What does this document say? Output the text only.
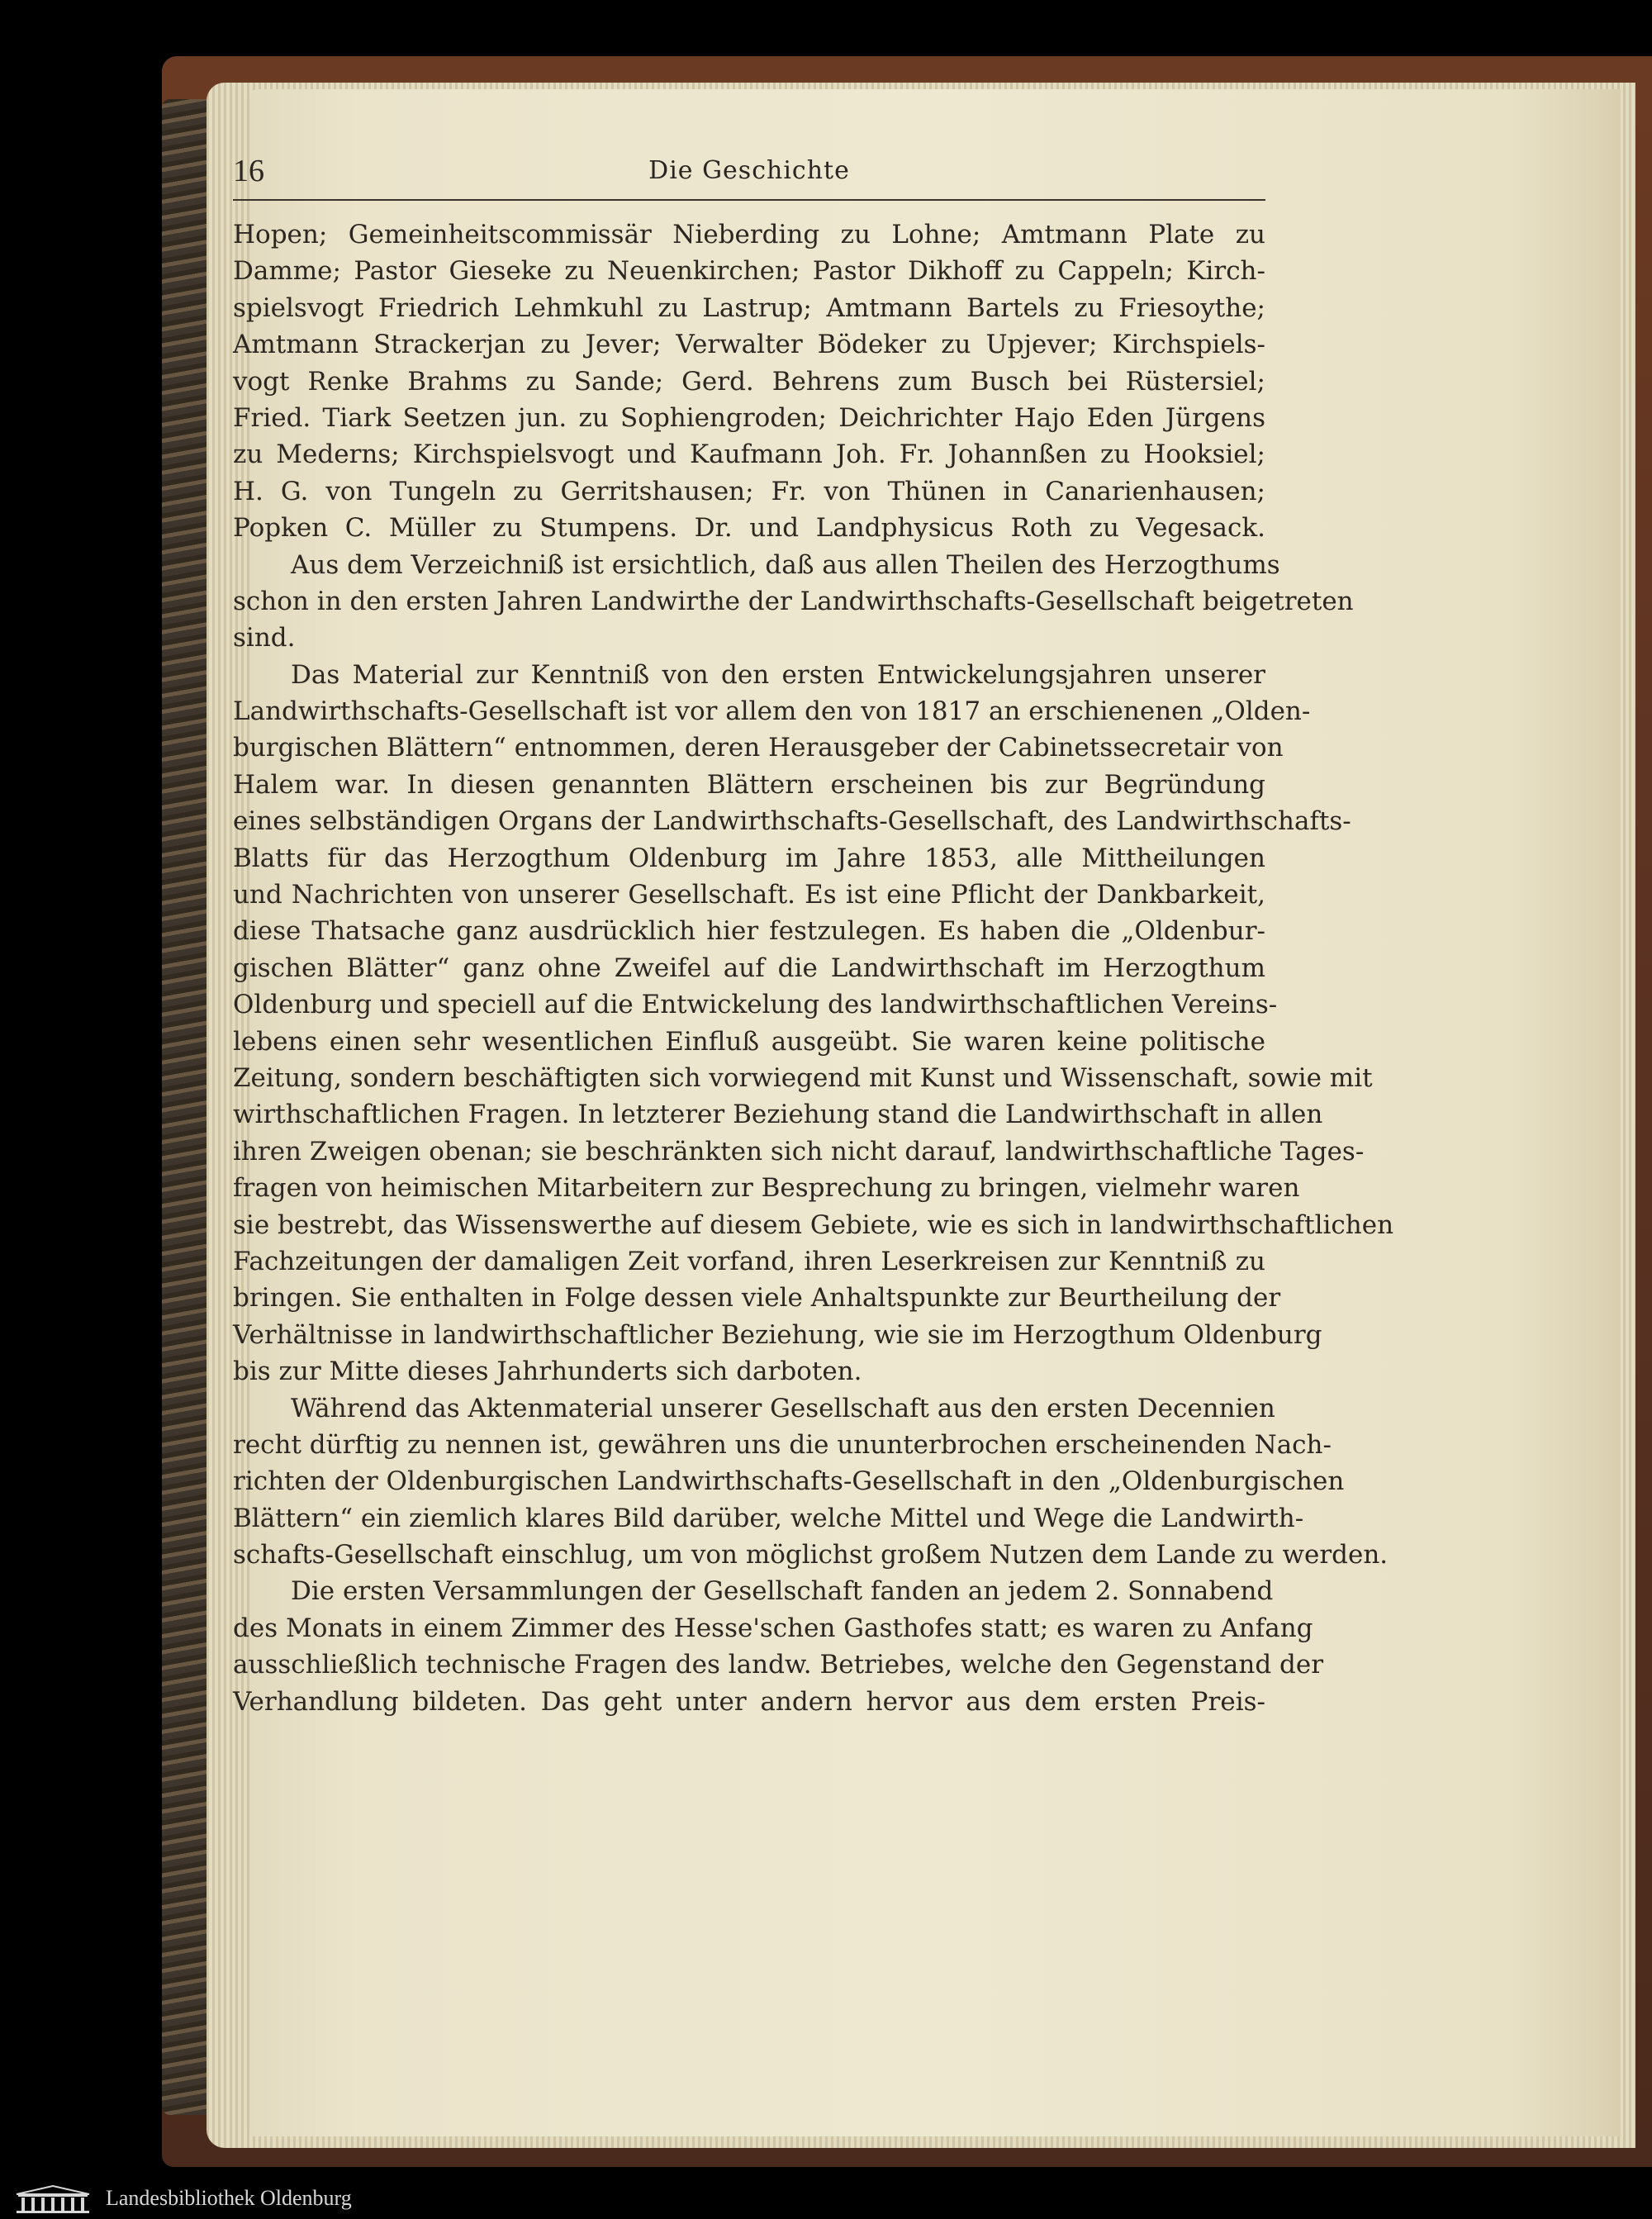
16	Die Geschichte
Hopen; Gemeinheitscommissär Nieberding zu Lohne; Amtmann Plate zu
Damme; Pastor Gieseke zu Neuenkirchen; Pastor Dikhoff zu Cappeln; Kirch-
spielsvogt Friedrich Lehmkuhl zu Lastrup; Amtmann Bartels zu Friesoythe;
Amtmann Strackerjan zu Jever; Verwalter Bödeker zu Upjever; Kirchspiels-
vogt Renke Brahms zu Sande; Gerd. Behrens zum Busch bei Rüstersiel;
Fried. Tiark Seetzen jun. zu Sophiengroden; Deichrichter Hajo Eden Jürgens
zu Mederns; Kirchspielsvogt und Kaufmann Joh. Fr. Johannßen zu Hooksiel;
H. G. von Tungeln zu Gerritshausen; Fr. von Thünen in Canarienhausen;
Popken C. Müller zu Stumpens. Dr. und Landphysicus Roth zu Vegesack.
Aus dem Verzeichniß ist ersichtlich, daß aus allen Theilen des Herzogthums
schon in den ersten Jahren Landwirthe der Landwirthschafts-Gesellschaft beigetreten
sind.
Das Material zur Kenntniß von den ersten Entwickelungsjahren unserer
Landwirthschafts-Gesellschaft ist vor allem den von 1817 an erschienenen „Olden-
burgischen Blättern“ entnommen, deren Herausgeber der Cabinetssecretair von
Halem war. In diesen genannten Blättern erscheinen bis zur Begründung
eines selbständigen Organs der Landwirthschafts-Gesellschaft, des Landwirthschafts-
Blatts für das Herzogthum Oldenburg im Jahre 1853, alle Mittheilungen
und Nachrichten von unserer Gesellschaft. Es ist eine Pflicht der Dankbarkeit,
diese Thatsache ganz ausdrücklich hier festzulegen. Es haben die „Oldenbur-
gischen Blätter“ ganz ohne Zweifel auf die Landwirthschaft im Herzogthum
Oldenburg und speciell auf die Entwickelung des landwirthschaftlichen Vereins-
lebens einen sehr wesentlichen Einfluß ausgeübt. Sie waren keine politische
Zeitung, sondern beschäftigten sich vorwiegend mit Kunst und Wissenschaft, sowie mit
wirthschaftlichen Fragen. In letzterer Beziehung stand die Landwirthschaft in allen
ihren Zweigen obenan; sie beschränkten sich nicht darauf, landwirthschaftliche Tages-
fragen von heimischen Mitarbeitern zur Besprechung zu bringen, vielmehr waren
sie bestrebt, das Wissenswerthe auf diesem Gebiete, wie es sich in landwirthschaftlichen
Fachzeitungen der damaligen Zeit vorfand, ihren Leserkreisen zur Kenntniß zu
bringen. Sie enthalten in Folge dessen viele Anhaltspunkte zur Beurtheilung der
Verhältnisse in landwirthschaftlicher Beziehung, wie sie im Herzogthum Oldenburg
bis zur Mitte dieses Jahrhunderts sich darboten.
Während das Aktenmaterial unserer Gesellschaft aus den ersten Decennien
recht dürftig zu nennen ist, gewähren uns die ununterbrochen erscheinenden Nach-
richten der Oldenburgischen Landwirthschafts-Gesellschaft in den „Oldenburgischen
Blättern“ ein ziemlich klares Bild darüber, welche Mittel und Wege die Landwirth-
schafts-Gesellschaft einschlug, um von möglichst großem Nutzen dem Lande zu werden.
Die ersten Versammlungen der Gesellschaft fanden an jedem 2. Sonnabend
des Monats in einem Zimmer des Hesse'schen Gasthofes statt; es waren zu Anfang
ausschließlich technische Fragen des landw. Betriebes, welche den Gegenstand der
Verhandlung bildeten. Das geht unter andern hervor aus dem ersten Preis-
Landesbibliothek Oldenburg
